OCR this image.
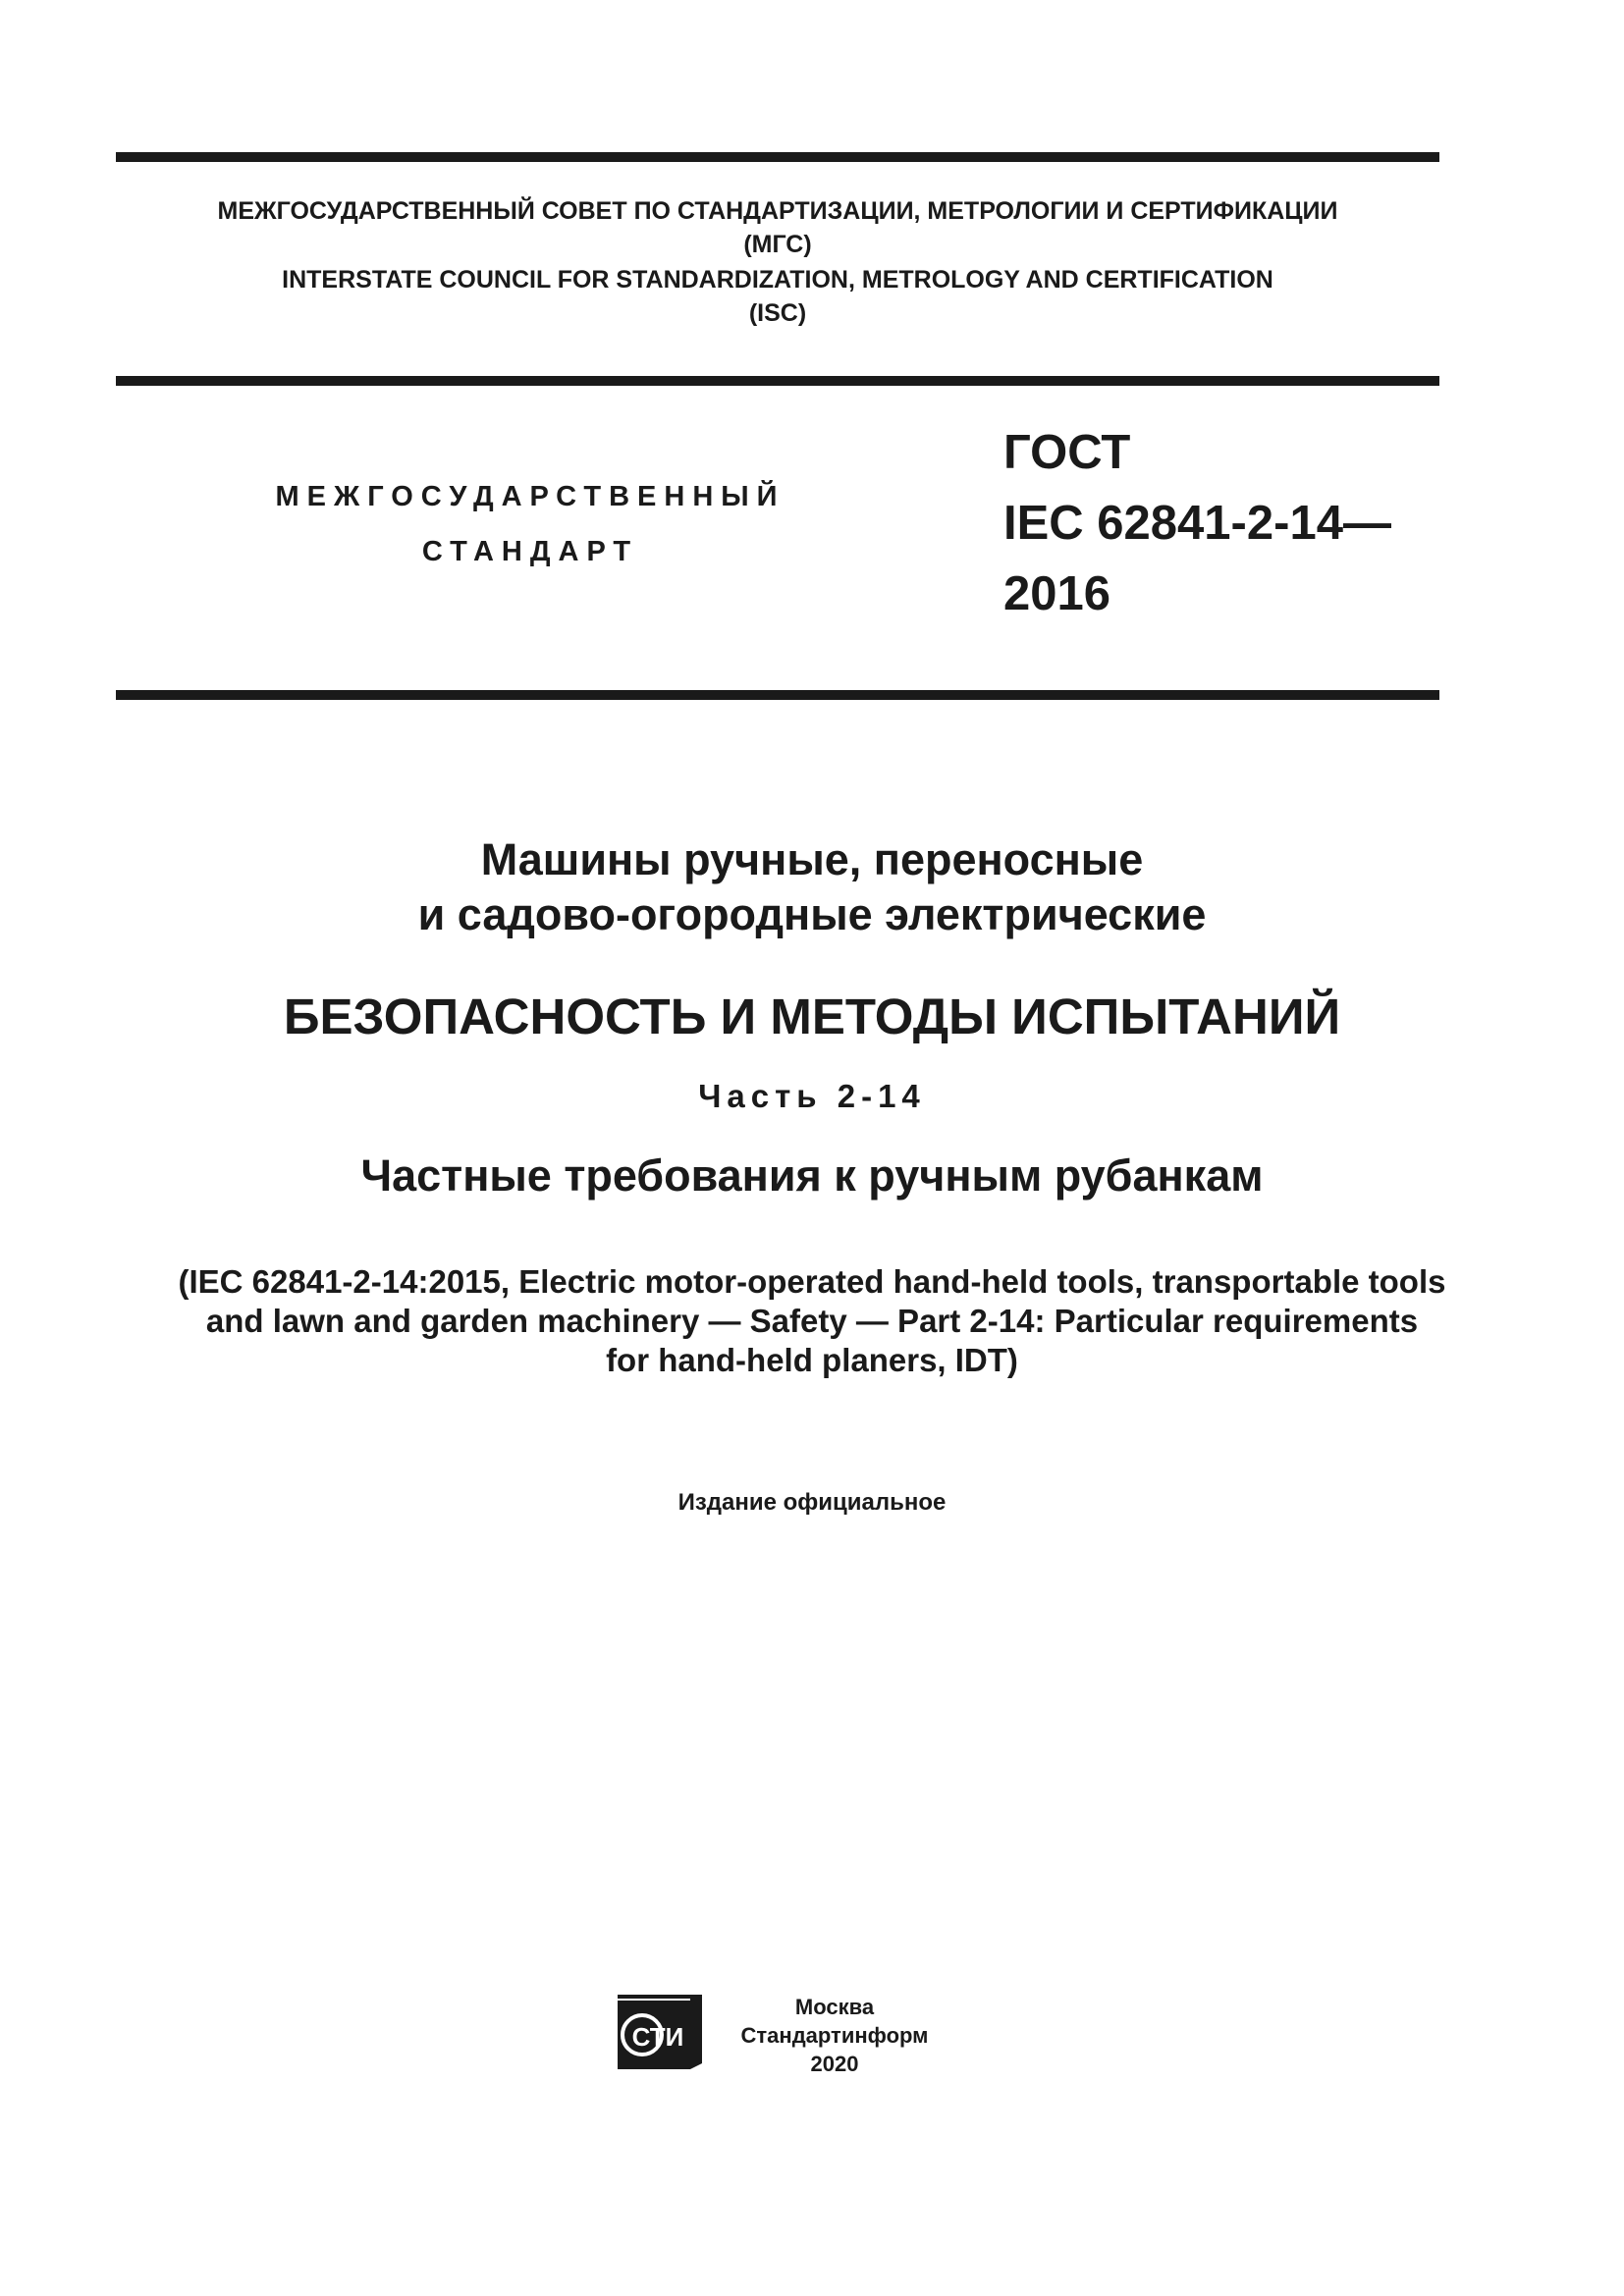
МЕЖГОСУДАРСТВЕННЫЙ СОВЕТ ПО СТАНДАРТИЗАЦИИ, МЕТРОЛОГИИ И СЕРТИФИКАЦИИ
(МГС)
INTERSTATE COUNCIL FOR STANDARDIZATION, METROLOGY AND CERTIFICATION
(ISC)
МЕЖГОСУДАРСТВЕННЫЙ
СТАНДАРТ
ГОСТ
IEC 62841-2-14—
2016
Машины ручные, переносные
и садово-огородные электрические
БЕЗОПАСНОСТЬ И МЕТОДЫ ИСПЫТАНИЙ
Часть 2-14
Частные требования к ручным рубанкам
(IEC 62841-2-14:2015, Electric motor-operated hand-held tools, transportable tools
and lawn and garden machinery — Safety — Part 2-14: Particular requirements
for hand-held planers, IDT)
Издание официальное
СТИ
Москва
Стандартинформ
2020
